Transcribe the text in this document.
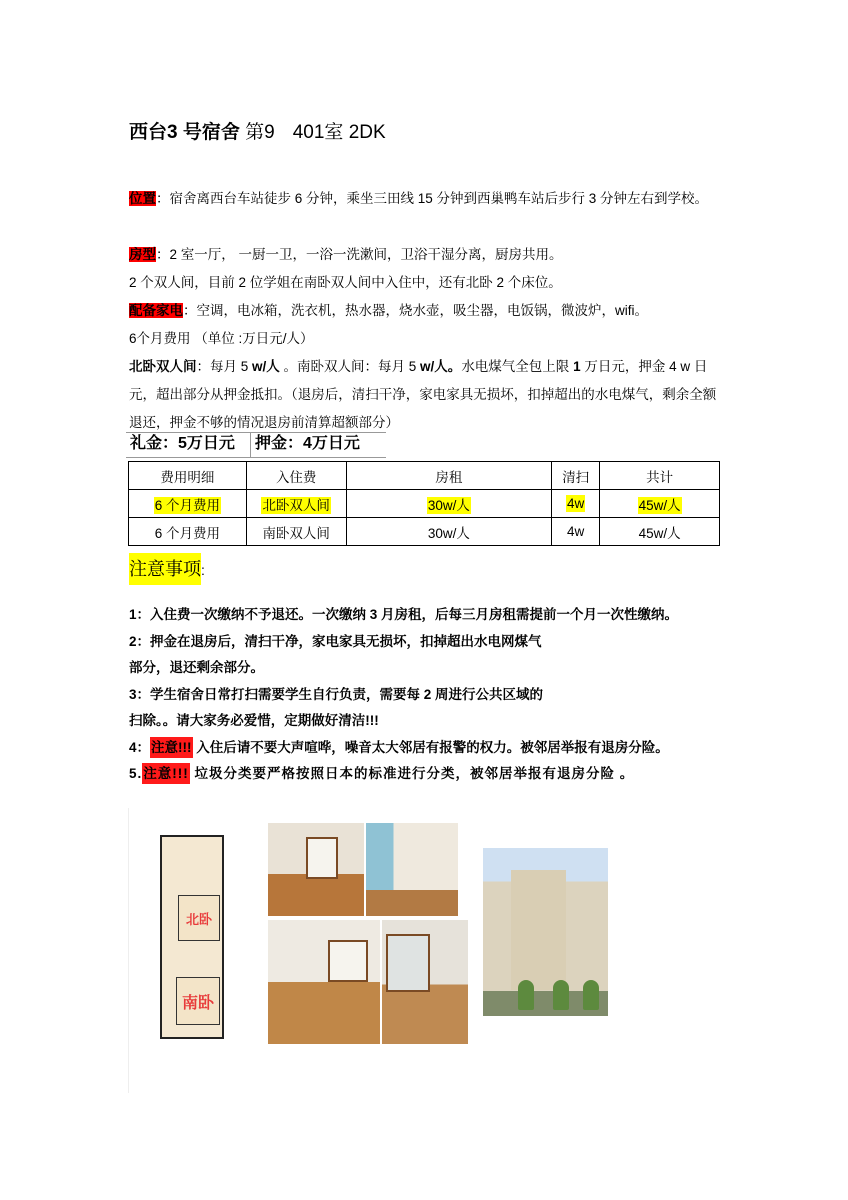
西台3 号宿舍 第9 401室 2DK
位置：宿舍离西台车站徒步 6 分钟，乘坐三田线 15 分钟到西巢鸭车站后步行 3 分钟左右到学校。
房型：2 室一厅， 一厨一卫，一浴一洗漱间，卫浴干湿分离，厨房共用。
2 个双人间，目前 2 位学姐在南卧双人间中入住中，还有北卧 2 个床位。
配备家电：空调，电冰箱，洗衣机，热水器，烧水壶，吸尘器，电饭锅，微波炉，wifi。
6个月费用 （单位 :万日元/人）
北卧双人间：每月 5 w/人 。南卧双人间：每月 5 w/人。水电煤气全包上限 1 万日元，押金 4 w 日元，超出部分从押金抵扣。（退房后，清扫干净，家电家具无损坏，扣掉超出的水电煤气，剩余全额退还，押金不够的情况退房前清算超额部分）
礼金：5万日元	押金：4万日元
费用明细	入住费	房租	清扫	共计
6 个月费用	北卧双人间	30w/人	4w	45w/人
6 个月费用	南卧双人间	30w/人	4w	45w/人
注意事项:
1：入住费一次缴纳不予退还。一次缴纳 3 月房租，后每三月房租需提前一个月一次性缴纳。
2：押金在退房后，清扫干净，家电家具无损坏，扣掉超出水电网煤气
部分，退还剩余部分。
3：学生宿舍日常打扫需要学生自行负责，需要每 2 周进行公共区域的
扫除。。请大家务必爱惜，定期做好清洁!!!
4：注意!!! 入住后请不要大声喧哗，噪音太大邻居有报警的权力。被邻居举报有退房分险。
5.注意!!! 垃圾分类要严格按照日本的标准进行分类，被邻居举报有退房分险 。
北卧
南卧
